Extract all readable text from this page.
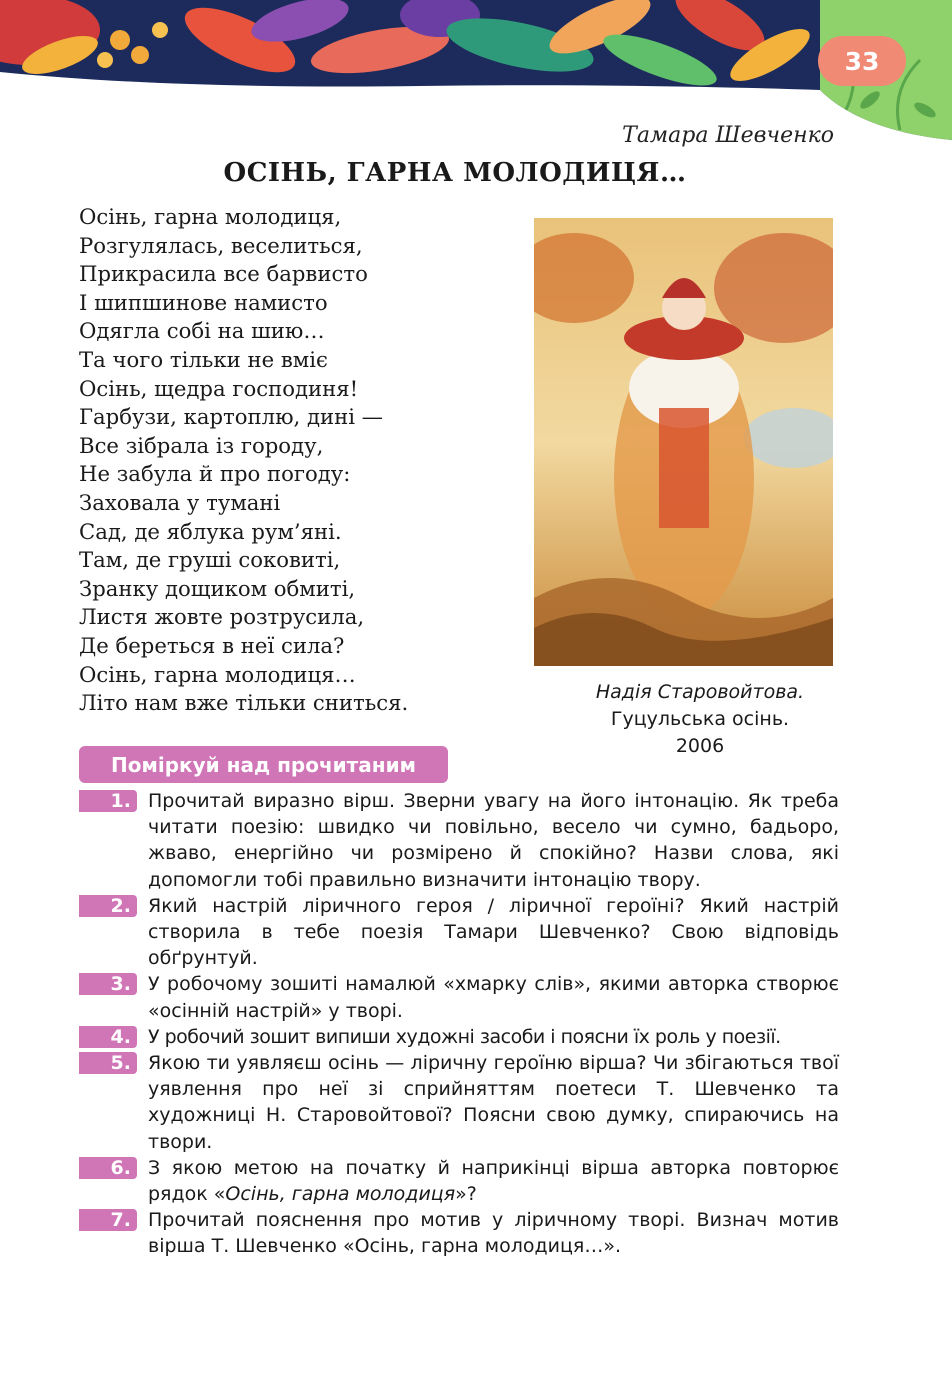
33
Тамара Шевченко
ОСІНЬ, ГАРНА МОЛОДИЦЯ…
Осінь, гарна молодиця,
Розгулялась, веселиться,
Прикрасила все барвисто
І шипшинове намисто
Одягла собі на шию…
Та чого тільки не вміє
Осінь, щедра господиня!
Гарбузи, картоплю, дині —
Все зібрала із городу,
Не забула й про погоду:
Заховала у тумані
Сад, де яблука рум’яні.
Там, де груші соковиті,
Зранку дощиком обмиті,
Листя жовте розтрусила,
Де береться в неї сила?
Осінь, гарна молодиця…
Літо нам вже тільки сниться.	Надія Старовойтова.
Гуцульська осінь.
2006
Поміркуй над прочитаним
1. Прочитай виразно вірш. Зверни увагу на його інтонацію. Як треба читати поезію: швидко чи повільно, весело чи сумно, бадьоро, жваво, енергійно чи розмірено й спокійно? Назви слова, які допомогли тобі правильно визначити інтонацію твору.
2. Який настрій ліричного героя / ліричної героїні? Який настрій створила в тебе поезія Тамари Шевченко? Свою відповідь обґрунтуй.
3. У робочому зошиті намалюй «хмарку слів», якими авторка створює «осінній настрій» у творі.
4. У робочий зошит випиши художні засоби і поясни їх роль у поезії.
5. Якою ти уявляєш осінь — ліричну героїню вірша? Чи збігаються твої уявлення про неї зі сприйняттям поетеси Т. Шевченко та художниці Н. Старовойтової? Поясни свою думку, спираючись на твори.
6. З якою метою на початку й наприкінці вірша авторка повторює рядок «Осінь, гарна молодиця»?
7. Прочитай пояснення про мотив у ліричному творі. Визнач мотив вірша Т. Шевченко «Осінь, гарна молодиця…».
